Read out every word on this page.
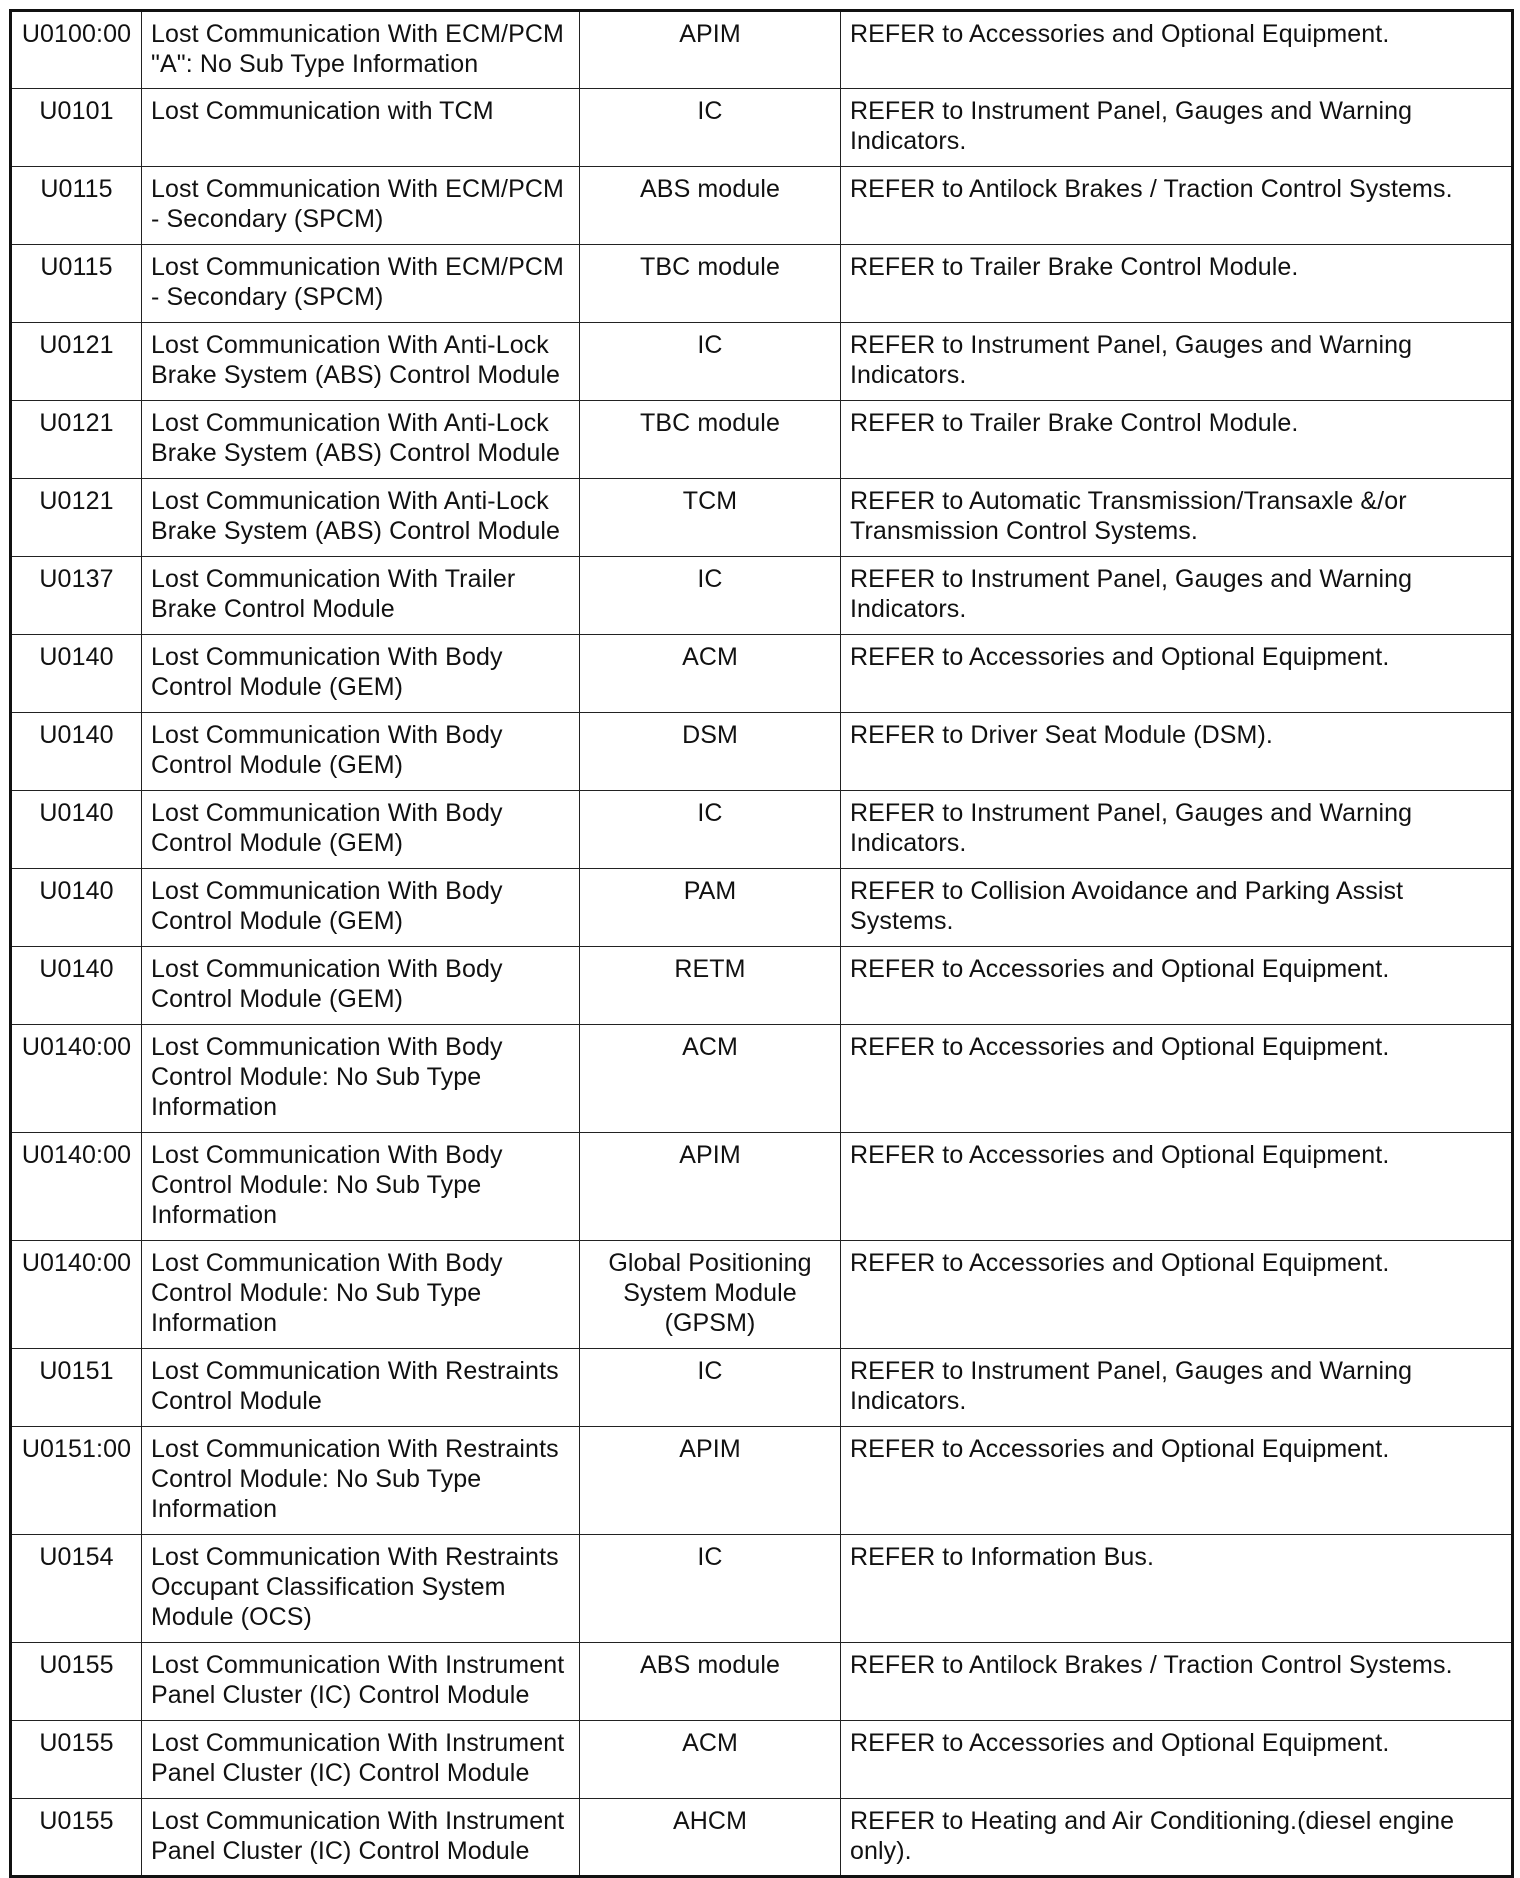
U0100:00	Lost Communication With ECM/PCM "A": No Sub Type Information	APIM	REFER to Accessories and Optional Equipment.
U0101	Lost Communication with TCM	IC	REFER to Instrument Panel, Gauges and Warning Indicators.
U0115	Lost Communication With ECM/PCM - Secondary (SPCM)	ABS module	REFER to Antilock Brakes / Traction Control Systems.
U0115	Lost Communication With ECM/PCM - Secondary (SPCM)	TBC module	REFER to Trailer Brake Control Module.
U0121	Lost Communication With Anti-Lock Brake System (ABS) Control Module	IC	REFER to Instrument Panel, Gauges and Warning Indicators.
U0121	Lost Communication With Anti-Lock Brake System (ABS) Control Module	TBC module	REFER to Trailer Brake Control Module.
U0121	Lost Communication With Anti-Lock Brake System (ABS) Control Module	TCM	REFER to Automatic Transmission/Transaxle &/or Transmission Control Systems.
U0137	Lost Communication With Trailer Brake Control Module	IC	REFER to Instrument Panel, Gauges and Warning Indicators.
U0140	Lost Communication With Body Control Module (GEM)	ACM	REFER to Accessories and Optional Equipment.
U0140	Lost Communication With Body Control Module (GEM)	DSM	REFER to Driver Seat Module (DSM).
U0140	Lost Communication With Body Control Module (GEM)	IC	REFER to Instrument Panel, Gauges and Warning Indicators.
U0140	Lost Communication With Body Control Module (GEM)	PAM	REFER to Collision Avoidance and Parking Assist Systems.
U0140	Lost Communication With Body Control Module (GEM)	RETM	REFER to Accessories and Optional Equipment.
U0140:00	Lost Communication With Body Control Module: No Sub Type Information	ACM	REFER to Accessories and Optional Equipment.
U0140:00	Lost Communication With Body Control Module: No Sub Type Information	APIM	REFER to Accessories and Optional Equipment.
U0140:00	Lost Communication With Body Control Module: No Sub Type Information	Global Positioning System Module (GPSM)	REFER to Accessories and Optional Equipment.
U0151	Lost Communication With Restraints Control Module	IC	REFER to Instrument Panel, Gauges and Warning Indicators.
U0151:00	Lost Communication With Restraints Control Module: No Sub Type Information	APIM	REFER to Accessories and Optional Equipment.
U0154	Lost Communication With Restraints Occupant Classification System Module (OCS)	IC	REFER to Information Bus.
U0155	Lost Communication With Instrument Panel Cluster (IC) Control Module	ABS module	REFER to Antilock Brakes / Traction Control Systems.
U0155	Lost Communication With Instrument Panel Cluster (IC) Control Module	ACM	REFER to Accessories and Optional Equipment.
U0155	Lost Communication With Instrument Panel Cluster (IC) Control Module	AHCM	REFER to Heating and Air Conditioning.(diesel engine only).
